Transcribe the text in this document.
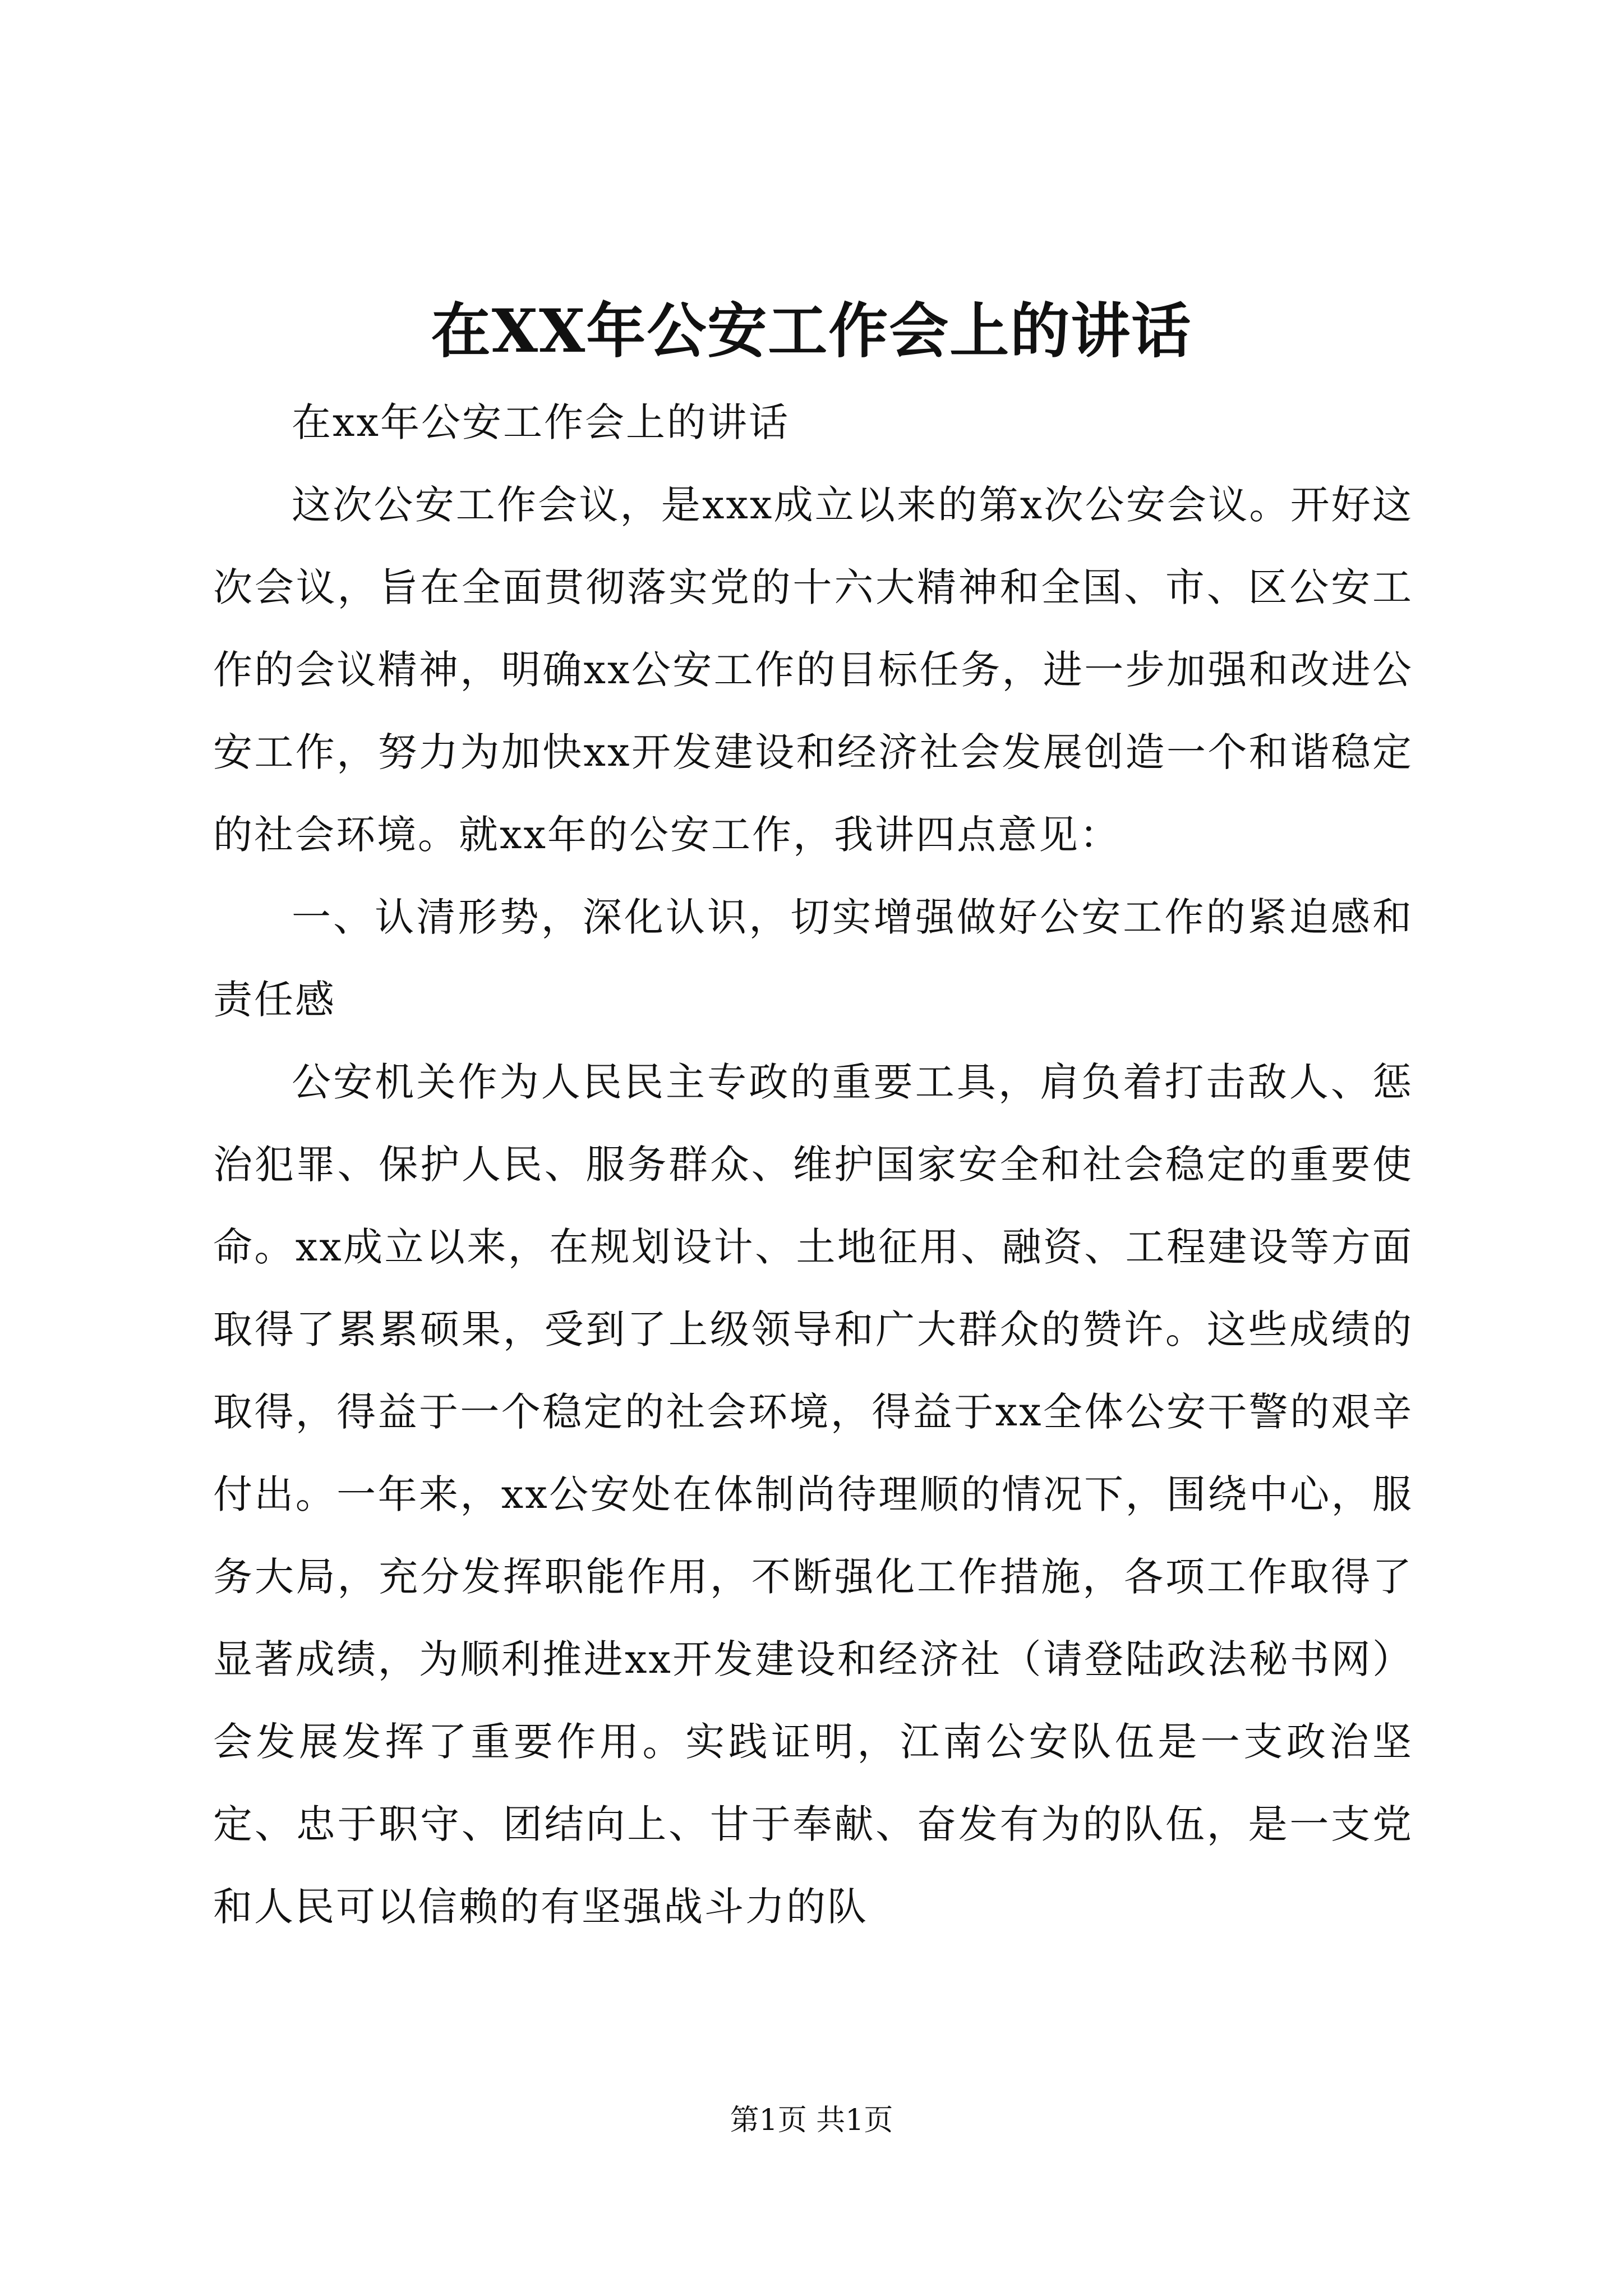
在XX年公安工作会上的讲话

在xx年公安工作会上的讲话

这次公安工作会议，是xxx成立以来的第x次公安会议。开好这次会议，旨在全面贯彻落实党的十六大精神和全国、市、区公安工作的会议精神，明确xx公安工作的目标任务，进一步加强和改进公安工作，努力为加快xx开发建设和经济社会发展创造一个和谐稳定的社会环境。就xx年的公安工作，我讲四点意见：

一、认清形势，深化认识，切实增强做好公安工作的紧迫感和责任感

公安机关作为人民民主专政的重要工具，肩负着打击敌人、惩治犯罪、保护人民、服务群众、维护国家安全和社会稳定的重要使命。xx成立以来，在规划设计、土地征用、融资、工程建设等方面取得了累累硕果，受到了上级领导和广大群众的赞许。这些成绩的取得，得益于一个稳定的社会环境，得益于xx全体公安干警的艰辛付出。一年来，xx公安处在体制尚待理顺的情况下，围绕中心，服务大局，充分发挥职能作用，不断强化工作措施，各项工作取得了显著成绩，为顺利推进xx开发建设和经济社（请登陆政法秘书网）会发展发挥了重要作用。实践证明，江南公安队伍是一支政治坚定、忠于职守、团结向上、甘于奉献、奋发有为的队伍，是一支党和人民可以信赖的有坚强战斗力的队

第1页 共1页
